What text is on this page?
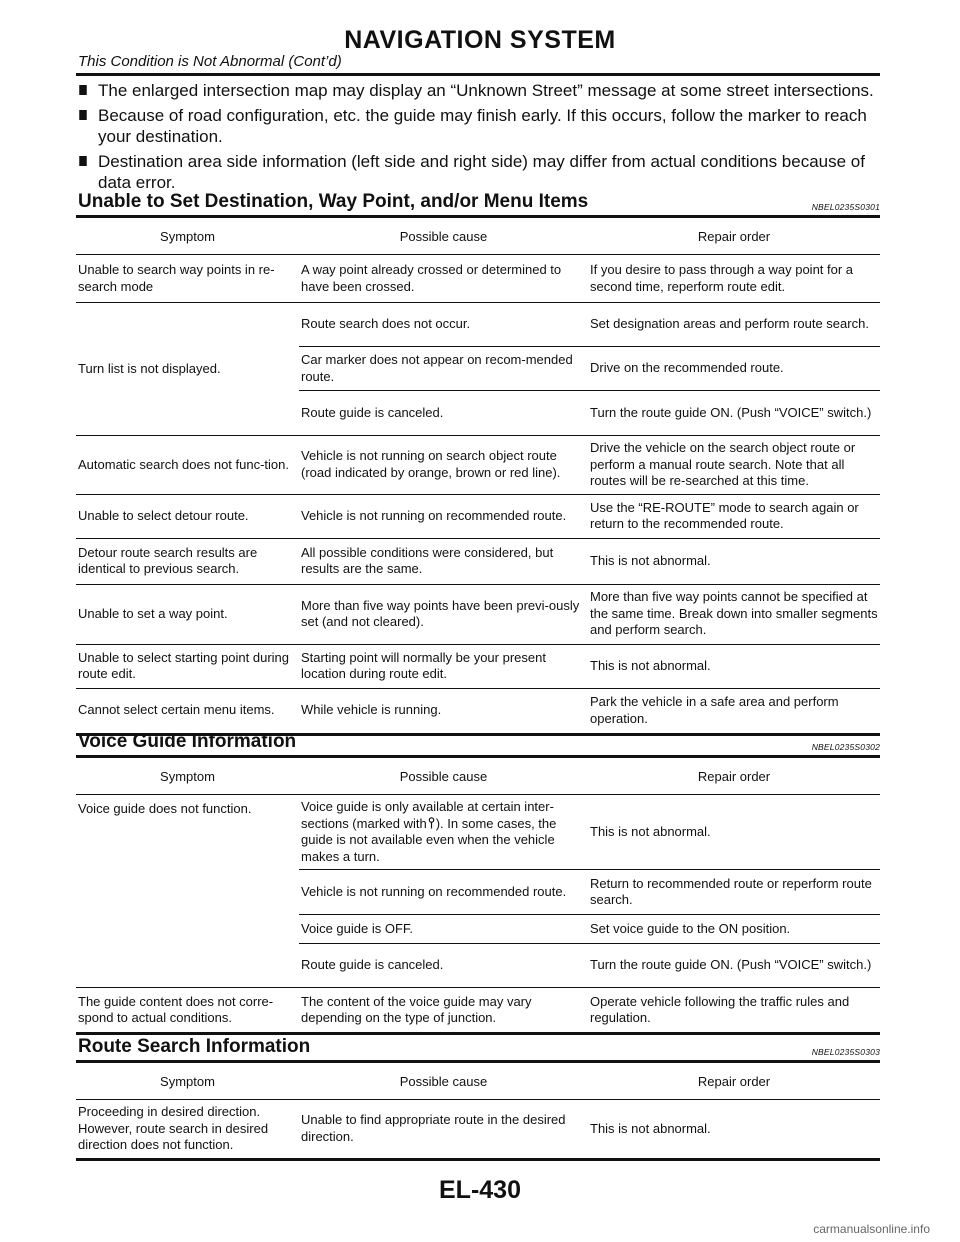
NAVIGATION SYSTEM
This Condition is Not Abnormal (Cont’d)
The enlarged intersection map may display an “Unknown Street” message at some street intersections.
Because of road configuration, etc. the guide may finish early. If this occurs, follow the marker to reach your destination.
Destination area side information (left side and right side) may differ from actual conditions because of data error.
Unable to Set Destination, Way Point, and/or Menu Items	NBEL0235S0301
Symptom	Possible cause	Repair order
Unable to search way points in re-search mode	A way point already crossed or determined to have been crossed.	If you desire to pass through a way point for a second time, reperform route edit.
Turn list is not displayed.	Route search does not occur.	Set designation areas and perform route search.
	Car marker does not appear on recom-mended route.	Drive on the recommended route.
	Route guide is canceled.	Turn the route guide ON. (Push “VOICE” switch.)
Automatic search does not func-tion.	Vehicle is not running on search object route (road indicated by orange, brown or red line).	Drive the vehicle on the search object route or perform a manual route search. Note that all routes will be re-searched at this time.
Unable to select detour route.	Vehicle is not running on recommended route.	Use the “RE-ROUTE” mode to search again or return to the recommended route.
Detour route search results are identical to previous search.	All possible conditions were considered, but results are the same.	This is not abnormal.
Unable to set a way point.	More than five way points have been previ-ously set (and not cleared).	More than five way points cannot be specified at the same time. Break down into smaller segments and perform search.
Unable to select starting point during route edit.	Starting point will normally be your present location during route edit.	This is not abnormal.
Cannot select certain menu items.	While vehicle is running.	Park the vehicle in a safe area and perform operation.
Voice Guide Information	NBEL0235S0302
Symptom	Possible cause	Repair order
Voice guide does not function.	Voice guide is only available at certain inter-sections (marked with ). In some cases, the guide is not available even when the vehicle makes a turn.	This is not abnormal.
	Vehicle is not running on recommended route.	Return to recommended route or reperform route search.
	Voice guide is OFF.	Set voice guide to the ON position.
	Route guide is canceled.	Turn the route guide ON. (Push “VOICE” switch.)
The guide content does not corre-spond to actual conditions.	The content of the voice guide may vary depending on the type of junction.	Operate vehicle following the traffic rules and regulation.
Route Search Information	NBEL0235S0303
Symptom	Possible cause	Repair order
Proceeding in desired direction. However, route search in desired direction does not function.	Unable to find appropriate route in the desired direction.	This is not abnormal.
EL-430
carmanualsonline.info
